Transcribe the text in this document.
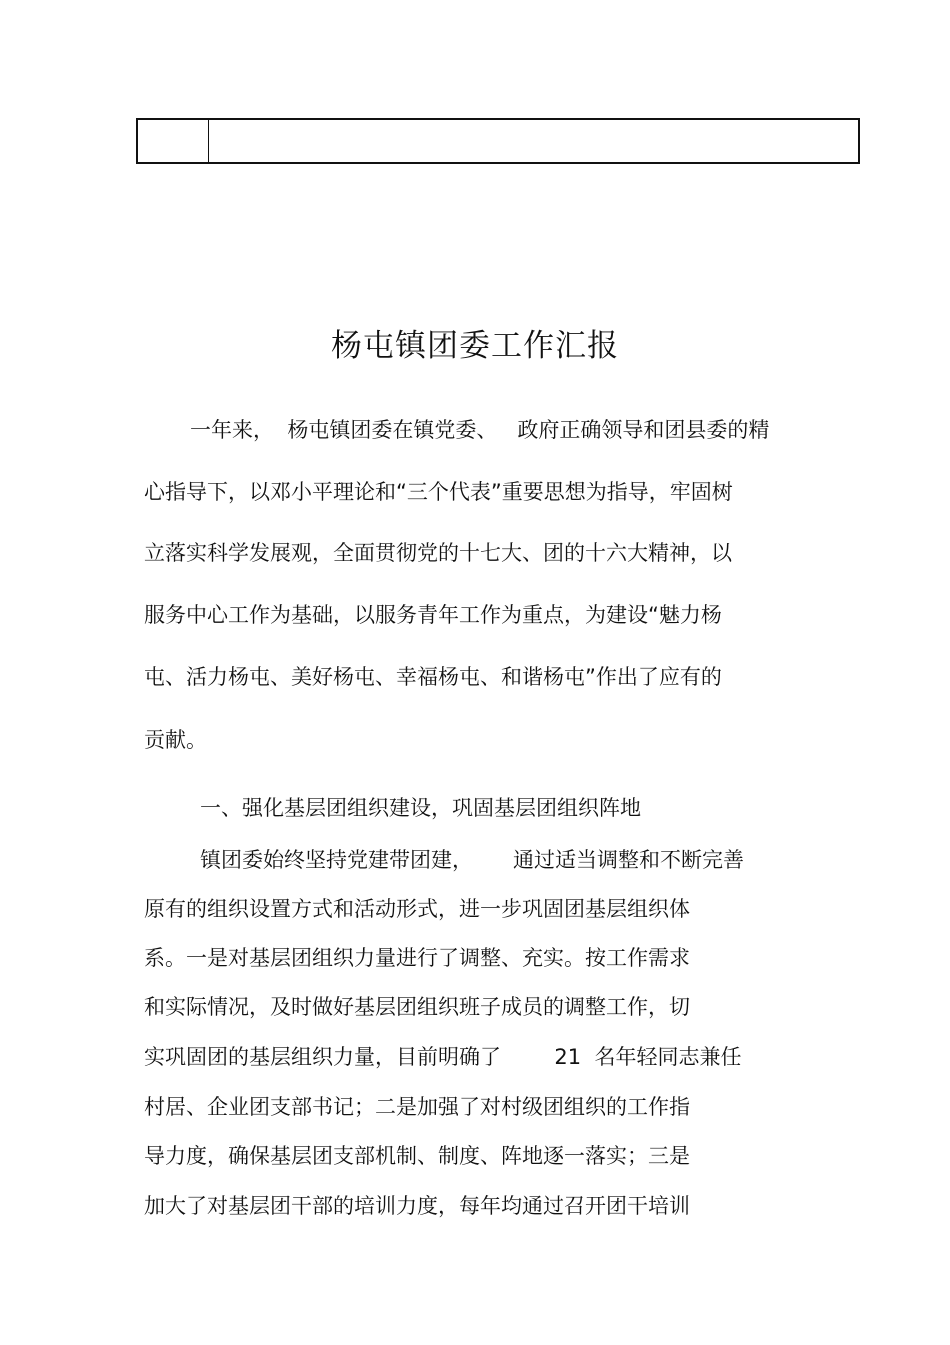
杨屯镇团委工作汇报
一年来，  杨屯镇团委在镇党委、   政府正确领导和团县委的精
心指导下，以邓小平理论和“三个代表”重要思想为指导，牢固树
立落实科学发展观，全面贯彻党的十七大、团的十六大精神，以
服务中心工作为基础，以服务青年工作为重点，为建设“魅力杨
屯、活力杨屯、美好杨屯、幸福杨屯、和谐杨屯”作出了应有的
贡献。
一、强化基层团组织建设，巩固基层团组织阵地
镇团委始终坚持党建带团建，      通过适当调整和不断完善
原有的组织设置方式和活动形式，进一步巩固团基层组织体
系。一是对基层团组织力量进行了调整、充实。按工作需求
和实际情况，及时做好基层团组织班子成员的调整工作，切
实巩固团的基层组织力量，目前明确了        21  名年轻同志兼任
村居、企业团支部书记；二是加强了对村级团组织的工作指
导力度，确保基层团支部机制、制度、阵地逐一落实；三是
加大了对基层团干部的培训力度，每年均通过召开团干培训
